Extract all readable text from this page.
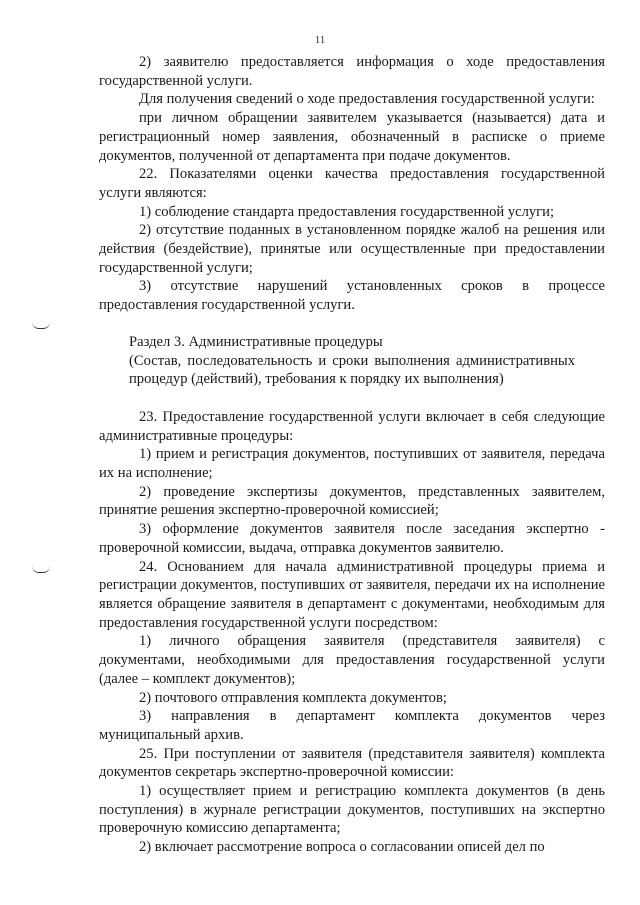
11

2) заявителю предоставляется информация о ходе предоставления государственной услуги.

Для получения сведений о ходе предоставления государственной услуги:

при личном обращении заявителем указывается (называется) дата и регистрационный номер заявления, обозначенный в расписке о приеме документов, полученной от департамента при подаче документов.

22. Показателями оценки качества предоставления государственной услуги являются:

1) соблюдение стандарта предоставления государственной услуги;

2) отсутствие поданных в установленном порядке жалоб на решения или действия (бездействие), принятые или осуществленные при предоставлении государственной услуги;

3) отсутствие нарушений установленных сроков в процессе предоставления государственной услуги.

Раздел 3. Административные процедуры
(Состав, последовательность и сроки выполнения административных процедур (действий), требования к порядку их выполнения)

23. Предоставление государственной услуги включает в себя следующие административные процедуры:

1) прием и регистрация документов, поступивших от заявителя, передача их на исполнение;

2) проведение экспертизы документов, представленных заявителем, принятие решения экспертно-проверочной комиссией;

3) оформление документов заявителя после заседания экспертно - проверочной комиссии, выдача, отправка документов заявителю.

24. Основанием для начала административной процедуры приема и регистрации документов, поступивших от заявителя, передачи их на исполнение является обращение заявителя в департамент с документами, необходимым для предоставления государственной услуги посредством:

1) личного обращения заявителя (представителя заявителя) с документами, необходимыми для предоставления государственной услуги (далее – комплект документов);

2) почтового отправления комплекта документов;

3) направления в департамент комплекта документов через муниципальный архив.

25. При поступлении от заявителя (представителя заявителя) комплекта документов секретарь экспертно-проверочной комиссии:

1) осуществляет прием и регистрацию комплекта документов (в день поступления) в журнале регистрации документов, поступивших на экспертно проверочную комиссию департамента;

2) включает рассмотрение вопроса о согласовании описей дел по
